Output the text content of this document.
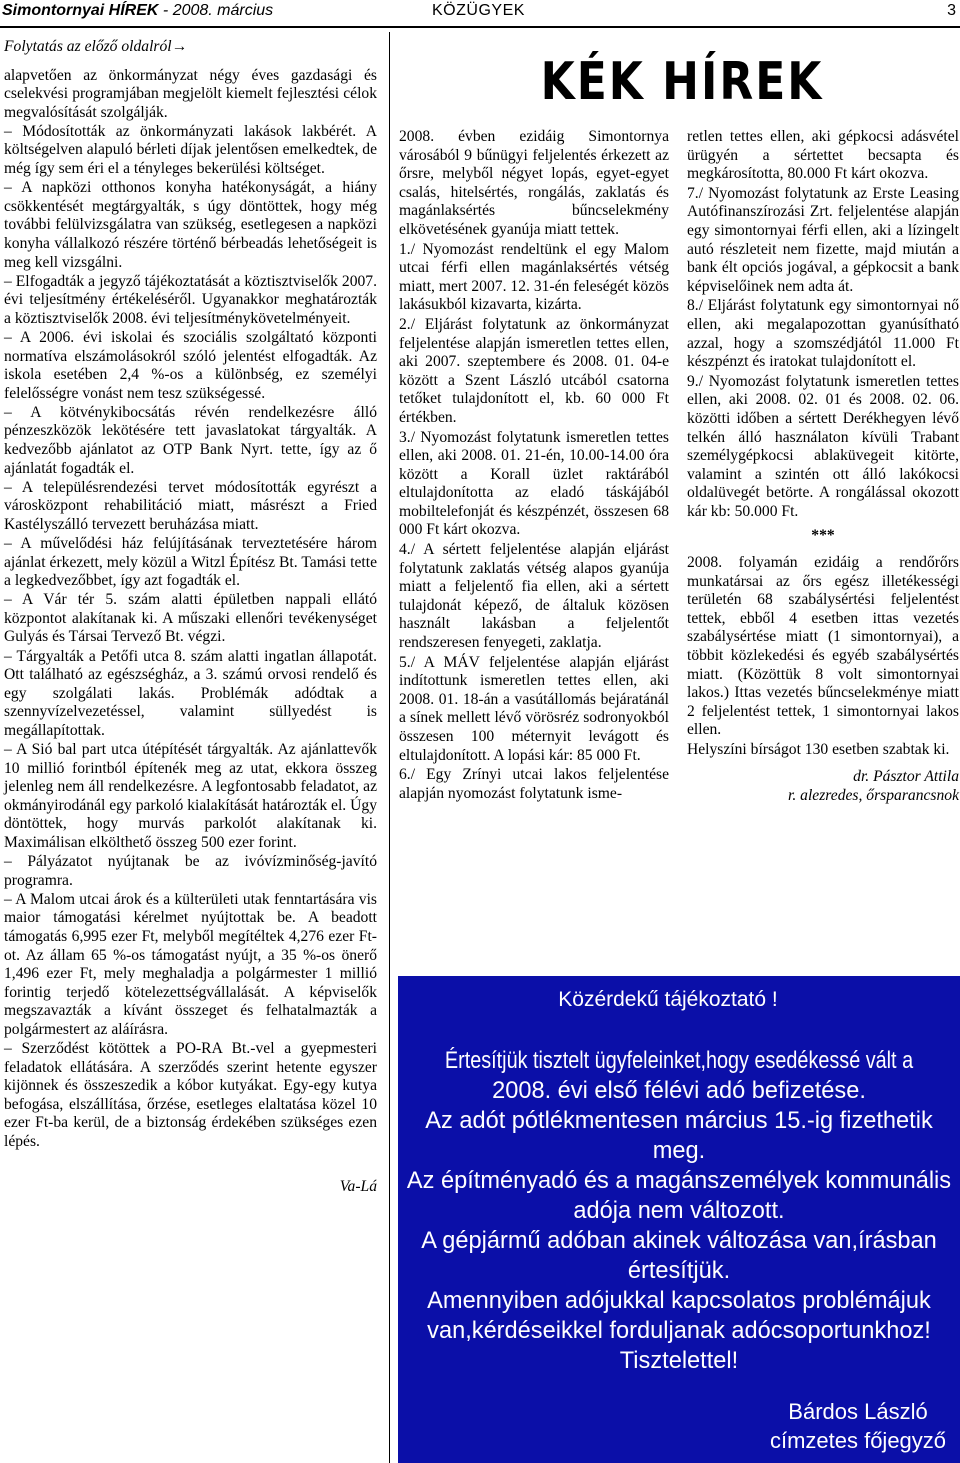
Simontornyai HÍREK - 2008. március	KÖZÜGYEK	3

Folytatás az előző oldalról→

alapvetően az önkormányzat négy éves gazdasági és cselekvési programjában megjelölt kiemelt fejlesztési célok megvalósítását szolgálják.

– Módosították az önkormányzati lakások lakbérét. A költségelven alapuló bérleti díjak jelentősen emelkedtek, de még így sem éri el a tényleges bekerülési költséget.

– A napközi otthonos konyha hatékonyságát, a hiány csökkentését megtárgyalták, s úgy döntöttek, hogy még további felülvizsgálatra van szükség, esetlegesen a napközi konyha vállalkozó részére történő bérbeadás lehetőségeit is meg kell vizsgálni.

– Elfogadták a jegyző tájékoztatását a köztisztviselők 2007. évi teljesítmény értékeléséről. Ugyanakkor meghatározták a köztisztviselők 2008. évi teljesítménykövetelményeit.

– A 2006. évi iskolai és szociális szolgáltató központi normatíva elszámolásokról szóló jelentést elfogadták. Az iskola esetében 2,4 %-os a különbség, ez személyi felelősségre vonást nem tesz szükségessé.

– A kötvénykibocsátás révén rendelkezésre álló pénzeszközök lekötésére tett javaslatokat tárgyalták. A kedvezőbb ajánlatot az OTP Bank Nyrt. tette, így az ő ajánlatát fogadták el.

– A településrendezési tervet módosították egyrészt a városközpont rehabilitáció miatt, másrészt a Fried Kastélyszálló tervezett beruházása miatt.

– A művelődési ház felújításának terveztetésére három ajánlat érkezett, mely közül a Witzl Építész Bt. Tamási tette a legkedvezőbbet, így azt fogadták el.

– A Vár tér 5. szám alatti épületben nappali ellátó központot alakítanak ki. A műszaki ellenőri tevékenységet Gulyás és Társai Tervező Bt. végzi.

– Tárgyalták a Petőfi utca 8. szám alatti ingatlan állapotát. Ott található az egészségház, a 3. számú orvosi rendelő és egy szolgálati lakás. Problémák adódtak a szennyvízelvezetéssel, valamint süllyedést is megállapítottak.

– A Sió bal part utca útépítését tárgyalták. Az ajánlattevők 10 millió forintból építenék meg az utat, ekkora összeg jelenleg nem áll rendelkezésre. A legfontosabb feladatot, az okmányirodánál egy parkoló kialakítását határozták el. Úgy döntöttek, hogy murvás parkolót alakítanak ki. Maximálisan elkölthető összeg 500 ezer forint.

– Pályázatot nyújtanak be az ivóvízminőség-javító programra.

– A Malom utcai árok és a külterületi utak fenntartására vis maior támogatási kérelmet nyújtottak be. A beadott támogatás 6,995 ezer Ft, melyből megítéltek 4,276 ezer Ft-ot. Az állam 65 %-os támogatást nyújt, a 35 %-os önerő 1,496 ezer Ft, mely meghaladja a polgármester 1 millió forintig terjedő kötelezettségvállalását. A képviselők megszavazták a kívánt összeget és felhatalmazták a polgármestert az aláírásra.

– Szerződést kötöttek a PO-RA Bt.-vel a gyepmesteri feladatok ellátására. A szerződés szerint hetente egyszer kijönnek és összeszedik a kóbor kutyákat. Egy-egy kutya befogása, elszállítása, őrzése, esetleges elaltatása közel 10 ezer Ft-ba kerül, de a biztonság érdekében szükséges ezen lépés.

Va-Lá

KÉK HÍREK

2008. évben ezidáig Simontornya városából 9 bűnügyi feljelentés érkezett az őrsre, melyből négyet lopás, egyet-egyet csalás, hitelsértés, rongálás, zaklatás és magánlaksértés bűncselekmény elkövetésének gyanúja miatt tettek.

1./ Nyomozást rendeltünk el egy Malom utcai férfi ellen magánlaksértés vétség miatt, mert 2007. 12. 31-én feleségét közös lakásukból kizavarta, kizárta.

2./ Eljárást folytatunk az önkormányzat feljelentése alapján ismeretlen tettes ellen, aki 2007. szeptembere és 2008. 01. 04-e között a Szent László utcából csatorna tetőket tulajdonított el, kb. 60 000 Ft értékben.

3./ Nyomozást folytatunk ismeretlen tettes ellen, aki 2008. 01. 21-én, 10.00-14.00 óra között a Korall üzlet raktárából eltulajdonította az eladó táskájából mobiltelefonját és készpénzét, összesen 68 000 Ft kárt okozva.

4./ A sértett feljelentése alapján eljárást folytatunk zaklatás vétség alapos gyanúja miatt a feljelentő fia ellen, aki a sértett tulajdonát képező, de általuk közösen használt lakásban a feljelentőt rendszeresen fenyegeti, zaklatja.

5./ A MÁV feljelentése alapján eljárást indítottunk ismeretlen tettes ellen, aki 2008. 01. 18-án a vasútállomás bejáratánál a sínek mellett lévő vörösréz sodronyokból összesen 100 méternyit levágott és eltulajdonított. A lopási kár: 85 000 Ft.

6./ Egy Zrínyi utcai lakos feljelentése alapján nyomozást folytatunk isme-

retlen tettes ellen, aki gépkocsi adásvétel ürügyén a sértettet becsapta és megkárosította, 80.000 Ft kárt okozva.

7./ Nyomozást folytatunk az Erste Leasing Autófinanszírozási Zrt. feljelentése alapján egy simontornyai férfi ellen, aki a lízingelt autó részleteit nem fizette, majd miután a bank élt opciós jogával, a gépkocsit a bank képviselőinek nem adta át.

8./ Eljárást folytatunk egy simontornyai nő ellen, aki megalapozottan gyanúsítható azzal, hogy a szomszédjától 11.000 Ft készpénzt és iratokat tulajdonított el.

9./ Nyomozást folytatunk ismeretlen tettes ellen, aki 2008. 02. 01 és 2008. 02. 06. közötti időben a sértett Derékhegyen lévő telkén álló használaton kívüli Trabant személygépkocsi ablaküvegeit kitörte, valamint a szintén ott álló lakókocsi oldalüvegét betörte. A rongálással okozott kár kb: 50.000 Ft.

***

2008. folyamán ezidáig a rendőrőrs munkatársai az őrs egész illetékességi területén 68 szabálysértési feljelentést tettek, ebből 4 esetben ittas vezetés szabálysértése miatt (1 simontornyai), a többit közlekedési és egyéb szabálysértés miatt. (Közöttük 8 volt simontornyai lakos.) Ittas vezetés bűncselekménye miatt 2 feljelentést tettek, 1 simontornyai lakos ellen.

Helyszíni bírságot 130 esetben szabtak ki.

dr. Pásztor Attila

r. alezredes, őrsparancsnok

Közérdekű tájékoztató !

Értesítjük tisztelt ügyfeleinket,hogy esedékessé vált a

2008. évi első félévi adó befizetése.

Az adót pótlékmentesen március 15.-ig fizethetik meg.

Az építményadó és a magánszemélyek kommunális

adója nem változott.

A gépjármű adóban akinek változása van,írásban

értesítjük.

Amennyiben adójukkal kapcsolatos problémájuk

van,kérdéseikkel forduljanak adócsoportunkhoz!

Tisztelettel!

Bárdos László
címzetes főjegyző
